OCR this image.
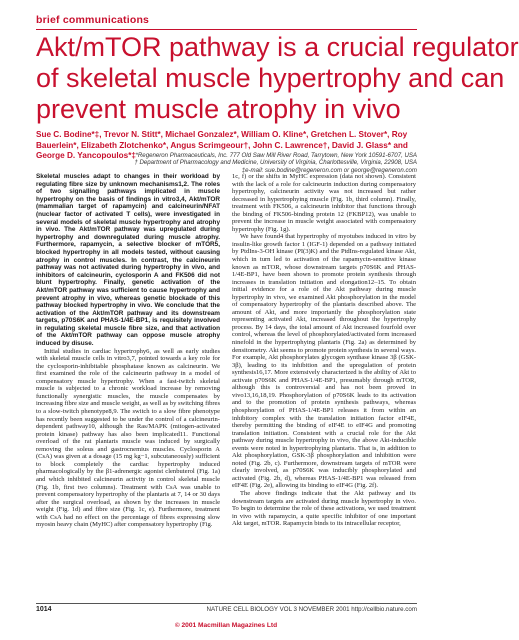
brief communications
Akt/mTOR pathway is a crucial regulator
of skeletal muscle hypertrophy and can
prevent muscle atrophy in vivo

Sue C. Bodine*‡, Trevor N. Stitt*, Michael Gonzalez*, William O. Kline*, Gretchen L. Stover*, Roy Bauerlein*, Elizabeth Zlotchenko*, Angus Scrimgeour†, John C. Lawrence†, David J. Glass* and George D. Yancopoulos*‡ *Regeneron Pharmaceuticals, Inc. 777 Old Saw Mill River Road, Tarrytown, New York 10591-6707, USA
† Department of Pharmacology and Medicine, University of Virginia, Charlottesville, Virginia, 22908, USA
‡e-mail: sue.bodine@regeneron.com or george@regeneron.com

Skeletal muscles adapt to changes in their workload by regulating fibre size by unknown mechanisms1,2. The roles of two signalling pathways implicated in muscle hypertrophy on the basis of findings in vitro3,4, Akt/mTOR (mammalian target of rapamycin) and calcineurin/NFAT (nuclear factor of activated T cells), were investigated in several models of skeletal muscle hypertrophy and atrophy in vivo. The Akt/mTOR pathway was upregulated during hypertrophy and downregulated during muscle atrophy. Furthermore, rapamycin, a selective blocker of mTOR5, blocked hypertrophy in all models tested, without causing atrophy in control muscles. In contrast, the calcineurin pathway was not activated during hypertrophy in vivo, and inhibitors of calcineurin, cyclosporin A and FK506 did not blunt hypertrophy. Finally, genetic activation of the Akt/mTOR pathway was sufficient to cause hypertrophy and prevent atrophy in vivo, whereas genetic blockade of this pathway blocked hypertrophy in vivo. We conclude that the activation of the Akt/mTOR pathway and its downstream targets, p70S6K and PHAS-1/4E-BP1, is requisitely involved in regulating skeletal muscle fibre size, and that activation of the Akt/mTOR pathway can oppose muscle atrophy induced by disuse.

Initial studies in cardiac hypertrophy6, as well as early studies with skeletal muscle cells in vitro3,7, pointed towards a key role for the cyclosporin-inhibitable phosphatase known as calcineurin. We first examined the role of the calcineurin pathway in a model of compensatory muscle hypertrophy. When a fast-twitch skeletal muscle is subjected to a chronic workload increase by removing functionally synergistic muscles, the muscle compensates by increasing fibre size and muscle weight, as well as by switching fibres to a slow-twitch phenotype8,9. The switch to a slow fibre phenotype has recently been suggested to be under the control of a calcineurin-dependent pathway10, although the Ras/MAPK (mitogen-activated protein kinase) pathway has also been implicated11. Functional overload of the rat plantaris muscle was induced by surgically removing the soleus and gastrocnemius muscles. Cyclosporin A (CsA) was given at a dosage (15 mg kg−1, subcutaneously) sufficient to block completely the cardiac hypertrophy induced pharmacologically by the β1-adrenergic agonist clenbuterol (Fig. 1a) and which inhibited calcineurin activity in control skeletal muscle (Fig. 1b, first two columns). Treatment with CsA was unable to prevent compensatory hypertrophy of the plantaris at 7, 14 or 30 days after the surgical overload, as shown by the increases in muscle weight (Fig. 1d) and fibre size (Fig. 1c, e). Furthermore, treatment with CsA had no effect on the percentage of fibres expressing slow myosin heavy chain (MyHC) after compensatory hypertrophy (Fig.

1c, f) or the shifts in MyHC expression (data not shown). Consistent with the lack of a role for calcineurin induction during compensatory hypertrophy, calcineurin activity was not increased but rather decreased in hypertrophying muscle (Fig. 1b, third column). Finally, treatment with FK506, a calcineurin inhibitor that functions through the binding of FK506-binding protein 12 (FKBP12), was unable to prevent the increase in muscle weight associated with compensatory hypertrophy (Fig. 1g).

We have found4 that hypertrophy of myotubes induced in vitro by insulin-like growth factor 1 (IGF-1) depended on a pathway initiated by PtdIns-3-OH kinase (PI(3)K) and the PtdIns-regulated kinase Akt, which in turn led to activation of the rapamycin-sensitive kinase known as mTOR, whose downstream targets p70S6K and PHAS-1/4E-BP1, have been shown to promote protein synthesis through increases in translation initiation and elongation12–15. To obtain initial evidence for a role of the Akt pathway during muscle hypertrophy in vivo, we examined Akt phosphorylation in the model of compensatory hypertrophy of the plantaris described above. The amount of Akt, and more importantly the phosphorylation state representing activated Akt, increased throughout the hypertrophy process. By 14 days, the total amount of Akt increased fourfold over control, whereas the level of phosphorylated/activated form increased ninefold in the hypertrophying plantaris (Fig. 2a) as determined by densitometry. Akt seems to promote protein synthesis in several ways. For example, Akt phosphorylates glycogen synthase kinase 3β (GSK-3β), leading to its inhibition and the upregulation of protein synthesis16,17. More extensively characterized is the ability of Akt to activate p70S6K and PHAS-1/4E-BP1, presumably through mTOR, although this is controversial and has not been proved in vivo13,16,18,19. Phosphorylation of p70S6K leads to its activation and to the promotion of protein synthesis pathways, whereas phosphorylation of PHAS-1/4E-BP1 releases it from within an inhibitory complex with the translation initiation factor eIF4E, thereby permitting the binding of eIF4E to eIF4G and promoting translation initiation. Consistent with a crucial role for the Akt pathway during muscle hypertrophy in vivo, the above Akt-inducible events were noted in hypertrophying plantaris. That is, in addition to Akt phosphorylation, GSK-3β phosphorylation and inhibition were noted (Fig. 2b, c). Furthermore, downstream targets of mTOR were clearly involved, as p70S6K was inducibly phosphorylated and activated (Fig. 2b, d), whereas PHAS-1/4E-BP1 was released from eIF4E (Fig. 2e), allowing its binding to eIF4G (Fig. 2f).

The above findings indicate that the Akt pathway and its downstream targets are activated during muscle hypertrophy in vivo. To begin to determine the role of these activations, we used treatment in vivo with rapamycin, a quite specific inhibitor of one important Akt target, mTOR. Rapamycin binds to its intracellular receptor,

1014	NATURE CELL BIOLOGY VOL 3 NOVEMBER 2001 http://cellbio.nature.com
© 2001 Macmillan Magazines Ltd
